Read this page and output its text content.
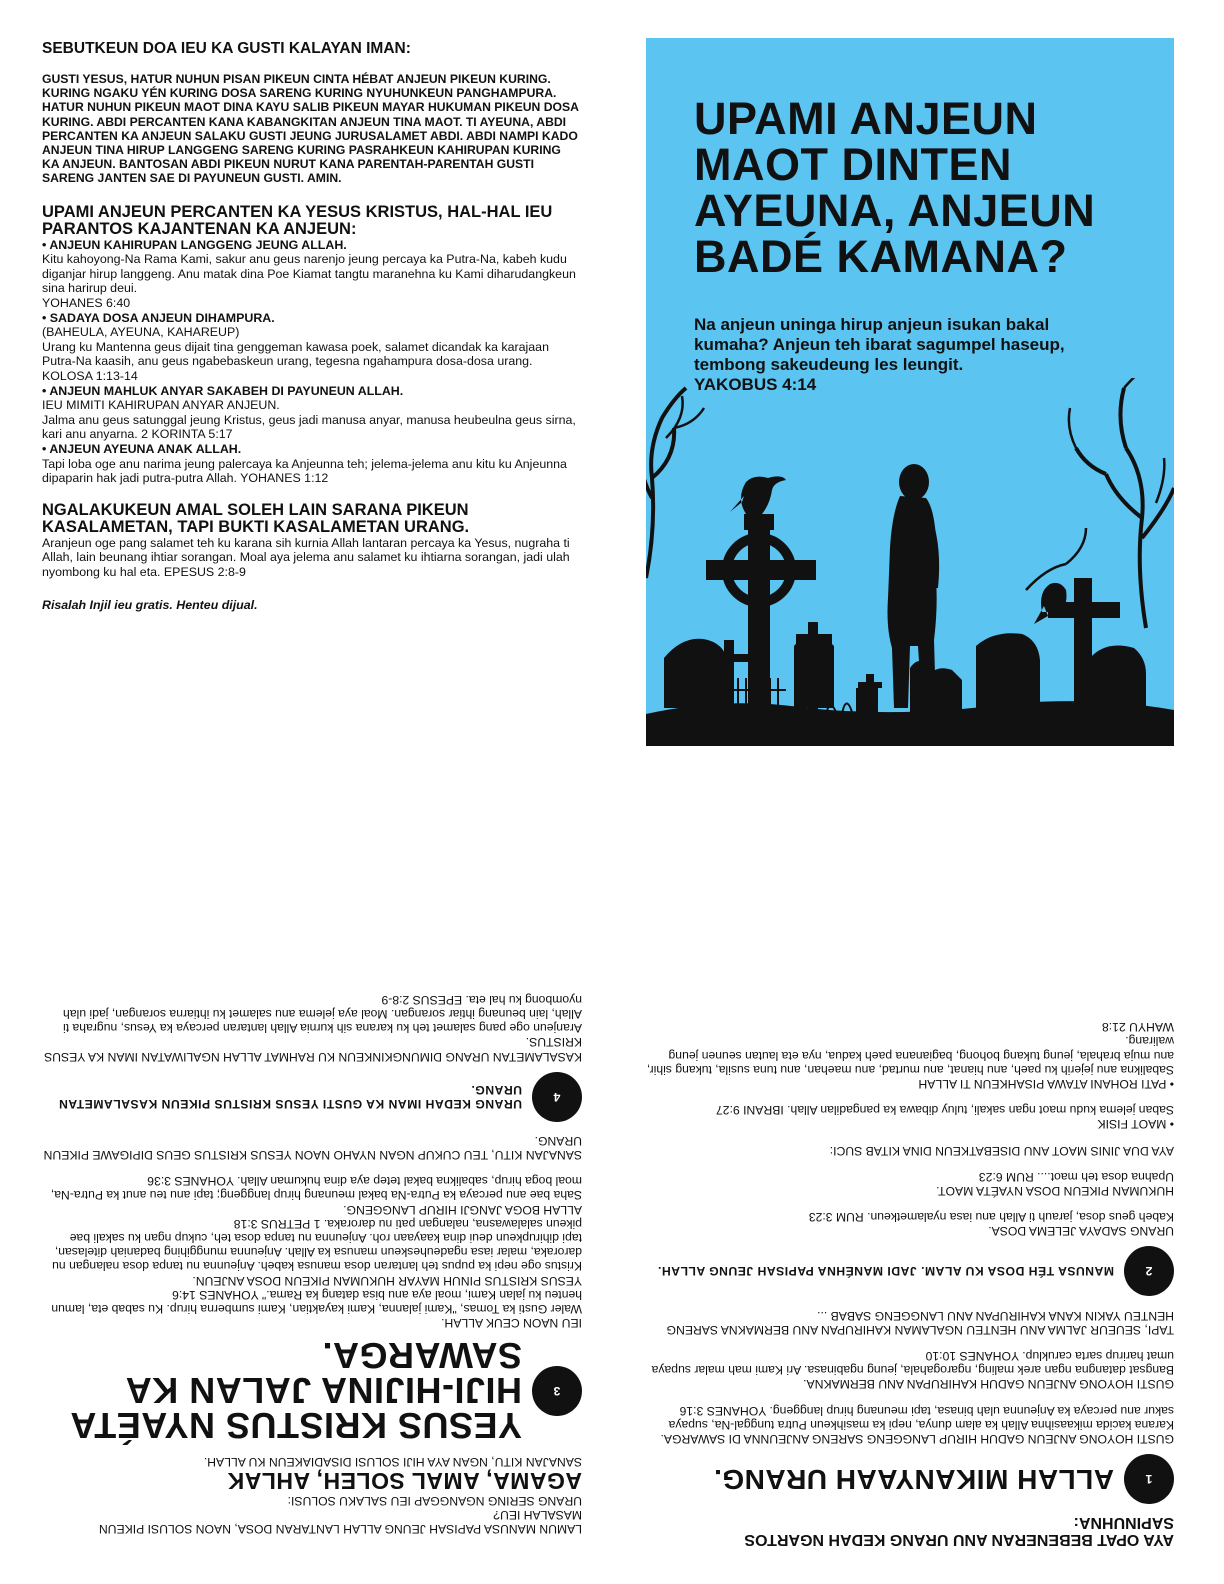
SEBUTKEUN DOA IEU KA GUSTI KALAYAN IMAN:

GUSTI YESUS, HATUR NUHUN PISAN PIKEUN CINTA HÉBAT ANJEUN PIKEUN KURING. KURING NGAKU YÉN KURING DOSA SARENG KURING NYUHUNKEUN PANGHAMPURA. HATUR NUHUN PIKEUN MAOT DINA KAYU SALIB PIKEUN MAYAR HUKUMAN PIKEUN DOSA KURING. ABDI PERCANTEN KANA KABANGKITAN ANJEUN TINA MAOT. TI AYEUNA, ABDI PERCANTEN KA ANJEUN SALAKU GUSTI JEUNG JURUSALAMET ABDI. ABDI NAMPI KADO ANJEUN TINA HIRUP LANGGENG SARENG KURING PASRAHKEUN KAHIRUPAN KURING KA ANJEUN. BANTOSAN ABDI PIKEUN NURUT KANA PARENTAH-PARENTAH GUSTI SARENG JANTEN SAE DI PAYUNEUN GUSTI. AMIN.

UPAMI ANJEUN PERCANTEN KA YESUS KRISTUS, HAL-HAL IEU PARANTOS KAJANTENAN KA ANJEUN:

• ANJEUN KAHIRUPAN LANGGENG JEUNG ALLAH.
Kitu kahoyong-Na Rama Kami, sakur anu geus narenjo jeung percaya ka Putra-Na, kabeh kudu diganjar hirup langgeng. Anu matak dina Poe Kiamat tangtu maranehna ku Kami diharudangkeun sina harirup deui.
YOHANES 6:40
• SADAYA DOSA ANJEUN DIHAMPURA.
(BAHEULA, AYEUNA, KAHAREUP)
Urang ku Mantenna geus dijait tina genggeman kawasa poek, salamet dicandak ka karajaan Putra-Na kaasih, anu geus ngabebaskeun urang, tegesna ngahampura dosa-dosa urang. KOLOSA 1:13-14
• ANJEUN MAHLUK ANYAR SAKABEH DI PAYUNEUN ALLAH.
IEU MIMITI KAHIRUPAN ANYAR ANJEUN.
Jalma anu geus satunggal jeung Kristus, geus jadi manusa anyar, manusa heubeulna geus sirna, kari anu anyarna. 2 KORINTA 5:17
• ANJEUN AYEUNA ANAK ALLAH.
Tapi loba oge anu narima jeung palercaya ka Anjeunna teh; jelema-jelema anu kitu ku Anjeunna dipaparin hak jadi putra-putra Allah. YOHANES 1:12

NGALAKUKEUN AMAL SOLEH LAIN SARANA PIKEUN KASALAMETAN, TAPI BUKTI KASALAMETAN URANG.

Aranjeun oge pang salamet teh ku karana sih kurnia Allah lantaran percaya ka Yesus, nugraha ti Allah, lain beunang ihtiar sorangan. Moal aya jelema anu salamet ku ihtiarna sorangan, jadi ulah nyombong ku hal eta. EPESUS 2:8-9

Risalah Injil ieu gratis. Henteu dijual.

UPAMI ANJEUN MAOT DINTEN AYEUNA, ANJEUN BADÉ KAMANA?
Na anjeun uninga hirup anjeun isukan bakal kumaha? Anjeun teh ibarat sagumpel haseup, tembong sakeudeung les leungit.
YAKOBUS 4:14

LAMUN MANUSA PAPISAH JEUNG ALLAH LANTARAN DOSA, NAON SOLUSI PIKEUN MASALAH IEU?

URANG SERING NGANGGAP IEU SALAKU SOLUSI:

AGAMA, AMAL SOLEH, AHLAK

SANAJAN KITU, NGAN AYA HIJI SOLUSI DISADIAKEUN KU ALLAH.

3
YESUS KRISTUS NYAÉTA HIJI-HIJINA JALAN KA SAWARGA.

IEU NAON CEUK ALLAH.

Waler Gusti ka Tomas, "Kami jalanna, Kami kayaktian, Kami sumberna hirup. Ku sabab eta, lamun henteu ku jalan Kami, moal aya anu bisa datang ka Rama." YOHANES 14:6

YESUS KRISTUS PINUH MAYAR HUKUMAN PIKEUN DOSA ANJEUN.

Kristus oge nepi ka pupus teh lantaran dosa manusa kabeh. Anjeunna nu tanpa dosa nalangan nu daroraka, malar iasa ngadeuheskeun manusa ka Allah. Anjeunna munggihing badaniah ditelasan, tapi dihirupkeun deui dina kaayaan roh. Anjeunna nu tanpa dosa teh, cukup ngan ku sakali bae pikeun salalawasna, nalangan pati nu daroraka. 1 PETRUS 3:18

ALLAH BOGA JANGJI HIRUP LANGGENG.

Saha bae anu percaya ka Putra-Na bakal meunang hirup langgeng; tapi anu teu anut ka Putra-Na, moal boga hirup, sabalikna bakal tetep aya dina hukuman Allah. YOHANES 3:36

SANAJAN KITU, TEU CUKUP NGAN NYAHO NAON YESUS KRISTUS GEUS DIPIGAWE PIKEUN URANG.

4
URANG KEDAH IMAN KA GUSTI YESUS KRISTUS PIKEUN KASALAMETAN URANG.

KASALAMETAN URANG DIMUNGKINKEUN KU RAHMAT ALLAH NGALIWATAN IMAN KA YESUS KRISTUS.

Aranjeun oge pang salamet teh ku karana sih kurnia Allah lantaran percaya ka Yesus, nugraha ti Allah, lain beunang ihtiar sorangan. Moal aya jelema anu salamet ku ihtiarna sorangan, jadi ulah nyombong ku hal eta. EPESUS 2:8-9

AYA OPAT BEBENERAN ANU URANG KEDAH NGARTOS SAPINUHNA:

1
ALLAH MIKANYAAH URANG.

GUSTI HOYONG ANJEUN GADUH HIRUP LANGGENG SARENG ANJEUNNA DI SAWARGA.

Karana kacida mikaasihna Allah ka alam dunya, nepi ka masihkeun Putra tunggal-Na, supaya sakur anu percaya ka Anjeunna ulah binasa, tapi meunang hirup langgeng. YOHANES 3:16

GUSTI HOYONG ANJEUN GADUH KAHIRUPAN ANU BERMAKNA.

Bangsat datangna ngan arek maling, ngarogahala, jeung ngabinasa. Ari Kami mah malar supaya umat harirup sarta caruklup. YOHANES 10:10

TAPI, SEUEUR JALMA ANU HENTEU NGALAMAN KAHIRUPAN ANU BERMAKNA SARENG HENTEU YAKIN KANA KAHIRUPAN ANU LANGGENG SABAB ...

2
MANUSA TÉH DOSA KU ALAM. JADI MANÉHNA PAPISAH JEUNG ALLAH.

URANG SADAYA JELEMA DOSA.

Kabeh geus dosa, jarauh ti Allah anu iasa nyalametkeun. RUM 3:23

HUKUMAN PIKEUN DOSA NYAÉTA MAOT.

Upahna dosa teh maot.... RUM 6:23

AYA DUA JINIS MAOT ANU DISEBATKEUN DINA KITAB SUCI:

• MAOT FISIK

Saban jelema kudu maot ngan sakali, tuluy dibawa ka pangadilan Allah. IBRANI 9:27

• PATI ROHANI ATAWA PISAHKEUN TI ALLAH

Sabalikna anu jejerih ku paeh, anu hianat, anu murtad, anu maehan, anu tuna susila, tukang sihir, anu muja brahala, jeung tukang bohong, bagianana paeh kadua, nya eta lautan seunen jeung walirang.

WAHYU 21:8
